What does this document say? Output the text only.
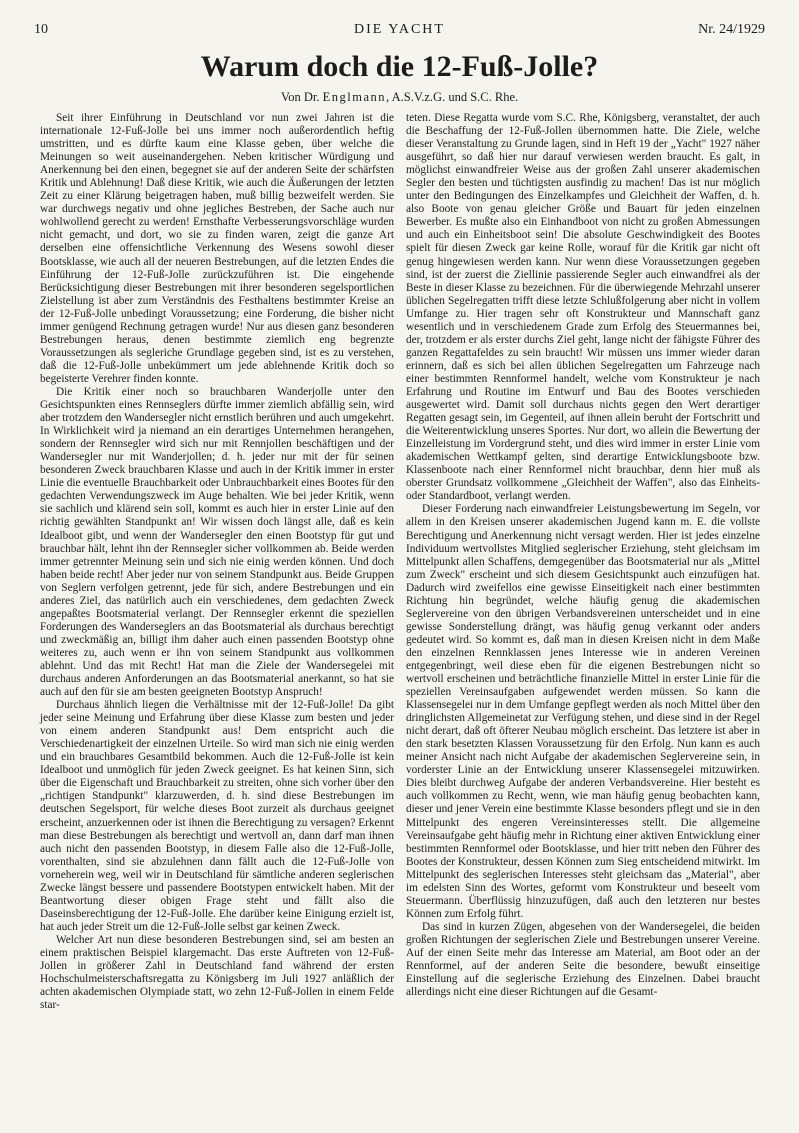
10	DIE YACHT	Nr. 24/1929
Warum doch die 12-Fuß-Jolle?
Von Dr. Englmann, A.S.V.z.G. und S.C. Rhe.

Seit ihrer Einführung in Deutschland vor nun zwei Jahren ist die internationale 12-Fuß-Jolle bei uns immer noch außerordentlich heftig umstritten, und es dürfte kaum eine Klasse geben, über welche die Meinungen so weit auseinandergehen. Neben kritischer Würdigung und Anerkennung bei den einen, begegnet sie auf der anderen Seite der schärfsten Kritik und Ablehnung! Daß diese Kritik, wie auch die Äußerungen der letzten Zeit zu einer Klärung beigetragen haben, muß billig bezweifelt werden. Sie war durchwegs negativ und ohne jegliches Bestreben, der Sache auch nur wohlwollend gerecht zu werden! Ernsthafte Verbesserungsvorschläge wurden nicht gemacht, und dort, wo sie zu finden waren, zeigt die ganze Art derselben eine offensichtliche Verkennung des Wesens sowohl dieser Bootsklasse, wie auch all der neueren Bestrebungen, auf die letzten Endes die Einführung der 12-Fuß-Jolle zurückzuführen ist. Die eingehende Berücksichtigung dieser Bestrebungen mit ihrer besonderen segelsportlichen Zielstellung ist aber zum Verständnis des Festhaltens bestimmter Kreise an der 12-Fuß-Jolle unbedingt Voraussetzung; eine Forderung, die bisher nicht immer genügend Rechnung getragen wurde! Nur aus diesen ganz besonderen Bestrebungen heraus, denen bestimmte ziemlich eng begrenzte Voraussetzungen als segleriche Grundlage gegeben sind, ist es zu verstehen, daß die 12-Fuß-Jolle unbekümmert um jede ablehnende Kritik doch so begeisterte Verehrer finden konnte.

Die Kritik einer noch so brauchbaren Wanderjolle unter den Gesichtspunkten eines Rennseglers dürfte immer ziemlich abfällig sein, wird aber trotzdem den Wandersegler nicht ernstlich berühren und auch umgekehrt. In Wirklichkeit wird ja niemand an ein derartiges Unternehmen herangehen, sondern der Rennsegler wird sich nur mit Rennjollen beschäftigen und der Wandersegler nur mit Wanderjollen; d. h. jeder nur mit der für seinen besonderen Zweck brauchbaren Klasse und auch in der Kritik immer in erster Linie die eventuelle Brauchbarkeit oder Unbrauchbarkeit eines Bootes für den gedachten Verwendungszweck im Auge behalten. Wie bei jeder Kritik, wenn sie sachlich und klärend sein soll, kommt es auch hier in erster Linie auf den richtig gewählten Standpunkt an! Wir wissen doch längst alle, daß es kein Idealboot gibt, und wenn der Wandersegler den einen Bootstyp für gut und brauchbar hält, lehnt ihn der Rennsegler sicher vollkommen ab. Beide werden immer getrennter Meinung sein und sich nie einig werden können. Und doch haben beide recht! Aber jeder nur von seinem Standpunkt aus. Beide Gruppen von Seglern verfolgen getrennt, jede für sich, andere Bestrebungen und ein anderes Ziel, das natürlich auch ein verschiedenes, dem gedachten Zweck angepaßtes Bootsmaterial verlangt. Der Rennsegler erkennt die speziellen Forderungen des Wanderseglers an das Bootsmaterial als durchaus berechtigt und zweckmäßig an, billigt ihm daher auch einen passenden Bootstyp ohne weiteres zu, auch wenn er ihn von seinem Standpunkt aus vollkommen ablehnt. Und das mit Recht! Hat man die Ziele der Wandersegelei mit durchaus anderen Anforderungen an das Bootsmaterial anerkannt, so hat sie auch auf den für sie am besten geeigneten Bootstyp Anspruch!

Durchaus ähnlich liegen die Verhältnisse mit der 12-Fuß-Jolle! Da gibt jeder seine Meinung und Erfahrung über diese Klasse zum besten und jeder von einem anderen Standpunkt aus! Dem entspricht auch die Verschiedenartigkeit der einzelnen Urteile. So wird man sich nie einig werden und ein brauchbares Gesamtbild bekommen. Auch die 12-Fuß-Jolle ist kein Idealboot und unmöglich für jeden Zweck geeignet. Es hat keinen Sinn, sich über die Eigenschaft und Brauchbarkeit zu streiten, ohne sich vorher über den „richtigen Standpunkt" klarzuwerden, d. h. sind diese Bestrebungen im deutschen Segelsport, für welche dieses Boot zurzeit als durchaus geeignet erscheint, anzuerkennen oder ist ihnen die Berechtigung zu versagen? Erkennt man diese Bestrebungen als berechtigt und wertvoll an, dann darf man ihnen auch nicht den passenden Bootstyp, in diesem Falle also die 12-Fuß-Jolle, vorenthalten, sind sie abzulehnen dann fällt auch die 12-Fuß-Jolle von vorneherein weg, weil wir in Deutschland für sämtliche anderen seglerischen Zwecke längst bessere und passendere Bootstypen entwickelt haben. Mit der Beantwortung dieser obigen Frage steht und fällt also die Daseinsberechtigung der 12-Fuß-Jolle. Ehe darüber keine Einigung erzielt ist, hat auch jeder Streit um die 12-Fuß-Jolle selbst gar keinen Zweck.

Welcher Art nun diese besonderen Bestrebungen sind, sei am besten an einem praktischen Beispiel klargemacht. Das erste Auftreten von 12-Fuß-Jollen in größerer Zahl in Deutschland fand während der ersten Hochschulmeisterschaftsregatta zu Königsberg im Juli 1927 anläßlich der achten akademischen Olympiade statt, wo zehn 12-Fuß-Jollen in einem Felde star-

teten. Diese Regatta wurde vom S.C. Rhe, Königsberg, veranstaltet, der auch die Beschaffung der 12-Fuß-Jollen übernommen hatte. Die Ziele, welche dieser Veranstaltung zu Grunde lagen, sind in Heft 19 der „Yacht" 1927 näher ausgeführt, so daß hier nur darauf verwiesen werden braucht. Es galt, in möglichst einwandfreier Weise aus der großen Zahl unserer akademischen Segler den besten und tüchtigsten ausfindig zu machen! Das ist nur möglich unter den Bedingungen des Einzelkampfes und Gleichheit der Waffen, d. h. also Boote von genau gleicher Größe und Bauart für jeden einzelnen Bewerber. Es mußte also ein Einhandboot von nicht zu großen Abmessungen und auch ein Einheitsboot sein! Die absolute Geschwindigkeit des Bootes spielt für diesen Zweck gar keine Rolle, worauf für die Kritik gar nicht oft genug hingewiesen werden kann. Nur wenn diese Voraussetzungen gegeben sind, ist der zuerst die Ziellinie passierende Segler auch einwandfrei als der Beste in dieser Klasse zu bezeichnen. Für die überwiegende Mehrzahl unserer üblichen Segelregatten trifft diese letzte Schlußfolgerung aber nicht in vollem Umfange zu. Hier tragen sehr oft Konstrukteur und Mannschaft ganz wesentlich und in verschiedenem Grade zum Erfolg des Steuermannes bei, der, trotzdem er als erster durchs Ziel geht, lange nicht der fähigste Führer des ganzen Regattafeldes zu sein braucht! Wir müssen uns immer wieder daran erinnern, daß es sich bei allen üblichen Segelregatten um Fahrzeuge nach einer bestimmten Rennformel handelt, welche vom Konstrukteur je nach Erfahrung und Routine im Entwurf und Bau des Bootes verschieden ausgewertet wird. Damit soll durchaus nichts gegen den Wert derartiger Regatten gesagt sein, im Gegenteil, auf ihnen allein beruht der Fortschritt und die Weiterentwicklung unseres Sportes. Nur dort, wo allein die Bewertung der Einzelleistung im Vordergrund steht, und dies wird immer in erster Linie vom akademischen Wettkampf gelten, sind derartige Entwicklungsboote bzw. Klassenboote nach einer Rennformel nicht brauchbar, denn hier muß als oberster Grundsatz vollkommene „Gleichheit der Waffen", also das Einheits- oder Standardboot, verlangt werden.

Dieser Forderung nach einwandfreier Leistungsbewertung im Segeln, vor allem in den Kreisen unserer akademischen Jugend kann m. E. die vollste Berechtigung und Anerkennung nicht versagt werden. Hier ist jedes einzelne Individuum wertvollstes Mitglied seglerischer Erziehung, steht gleichsam im Mittelpunkt allen Schaffens, demgegenüber das Bootsmaterial nur als „Mittel zum Zweck" erscheint und sich diesem Gesichtspunkt auch einzufügen hat. Dadurch wird zweifellos eine gewisse Einseitigkeit nach einer bestimmten Richtung hin begründet, welche häufig genug die akademischen Seglervereine von den übrigen Verbandsvereinen unterscheidet und in eine gewisse Sonderstellung drängt, was häufig genug verkannt oder anders gedeutet wird. So kommt es, daß man in diesen Kreisen nicht in dem Maße den einzelnen Rennklassen jenes Interesse wie in anderen Vereinen entgegenbringt, weil diese eben für die eigenen Bestrebungen nicht so wertvoll erscheinen und beträchtliche finanzielle Mittel in erster Linie für die speziellen Vereinsaufgaben aufgewendet werden müssen. So kann die Klassensegelei nur in dem Umfange gepflegt werden als noch Mittel über den dringlichsten Allgemeinetat zur Verfügung stehen, und diese sind in der Regel nicht derart, daß oft öfterer Neubau möglich erscheint. Das letztere ist aber in den stark besetzten Klassen Voraussetzung für den Erfolg. Nun kann es auch meiner Ansicht nach nicht Aufgabe der akademischen Seglervereine sein, in vorderster Linie an der Entwicklung unserer Klassensegelei mitzuwirken. Dies bleibt durchweg Aufgabe der anderen Verbandsvereine. Hier besteht es auch vollkommen zu Recht, wenn, wie man häufig genug beobachten kann, dieser und jener Verein eine bestimmte Klasse besonders pflegt und sie in den Mittelpunkt des engeren Vereinsinteresses stellt. Die allgemeine Vereinsaufgabe geht häufig mehr in Richtung einer aktiven Entwicklung einer bestimmten Rennformel oder Bootsklasse, und hier tritt neben den Führer des Bootes der Konstrukteur, dessen Können zum Sieg entscheidend mitwirkt. Im Mittelpunkt des seglerischen Interesses steht gleichsam das „Material", aber im edelsten Sinn des Wortes, geformt vom Konstrukteur und beseelt vom Steuermann. Überflüssig hinzuzufügen, daß auch den letzteren nur bestes Können zum Erfolg führt.

Das sind in kurzen Zügen, abgesehen von der Wandersegelei, die beiden großen Richtungen der seglerischen Ziele und Bestrebungen unserer Vereine. Auf der einen Seite mehr das Interesse am Material, am Boot oder an der Rennformel, auf der anderen Seite die besondere, bewußt einseitige Einstellung auf die seglerische Erziehung des Einzelnen. Dabei braucht allerdings nicht eine dieser Richtungen auf die Gesamt-
